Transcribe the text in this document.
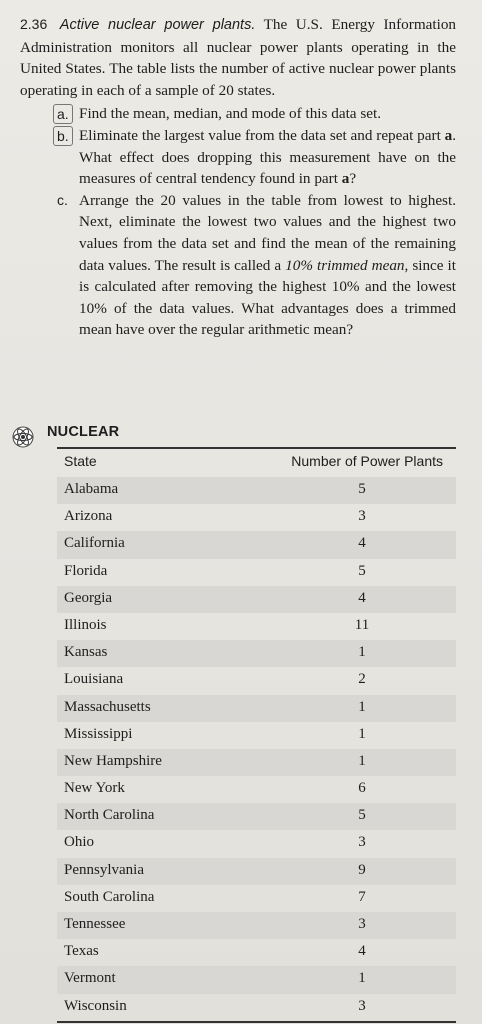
2.36 Active nuclear power plants. The U.S. Energy Information Administration monitors all nuclear power plants operating in the United States. The table lists the number of active nuclear power plants operating in each of a sample of 20 states.
a. Find the mean, median, and mode of this data set.
b. Eliminate the largest value from the data set and repeat part a. What effect does dropping this measurement have on the measures of central tendency found in part a?
c. Arrange the 20 values in the table from lowest to highest. Next, eliminate the lowest two values and the highest two values from the data set and find the mean of the remaining data values. The result is called a 10% trimmed mean, since it is calculated after removing the highest 10% and the lowest 10% of the data values. What advantages does a trimmed mean have over the regular arithmetic mean?
NUCLEAR
State	Number of Power Plants
Alabama	5
Arizona	3
California	4
Florida	5
Georgia	4
Illinois	11
Kansas	1
Louisiana	2
Massachusetts	1
Mississippi	1
New Hampshire	1
New York	6
North Carolina	5
Ohio	3
Pennsylvania	9
South Carolina	7
Tennessee	3
Texas	4
Vermont	1
Wisconsin	3
